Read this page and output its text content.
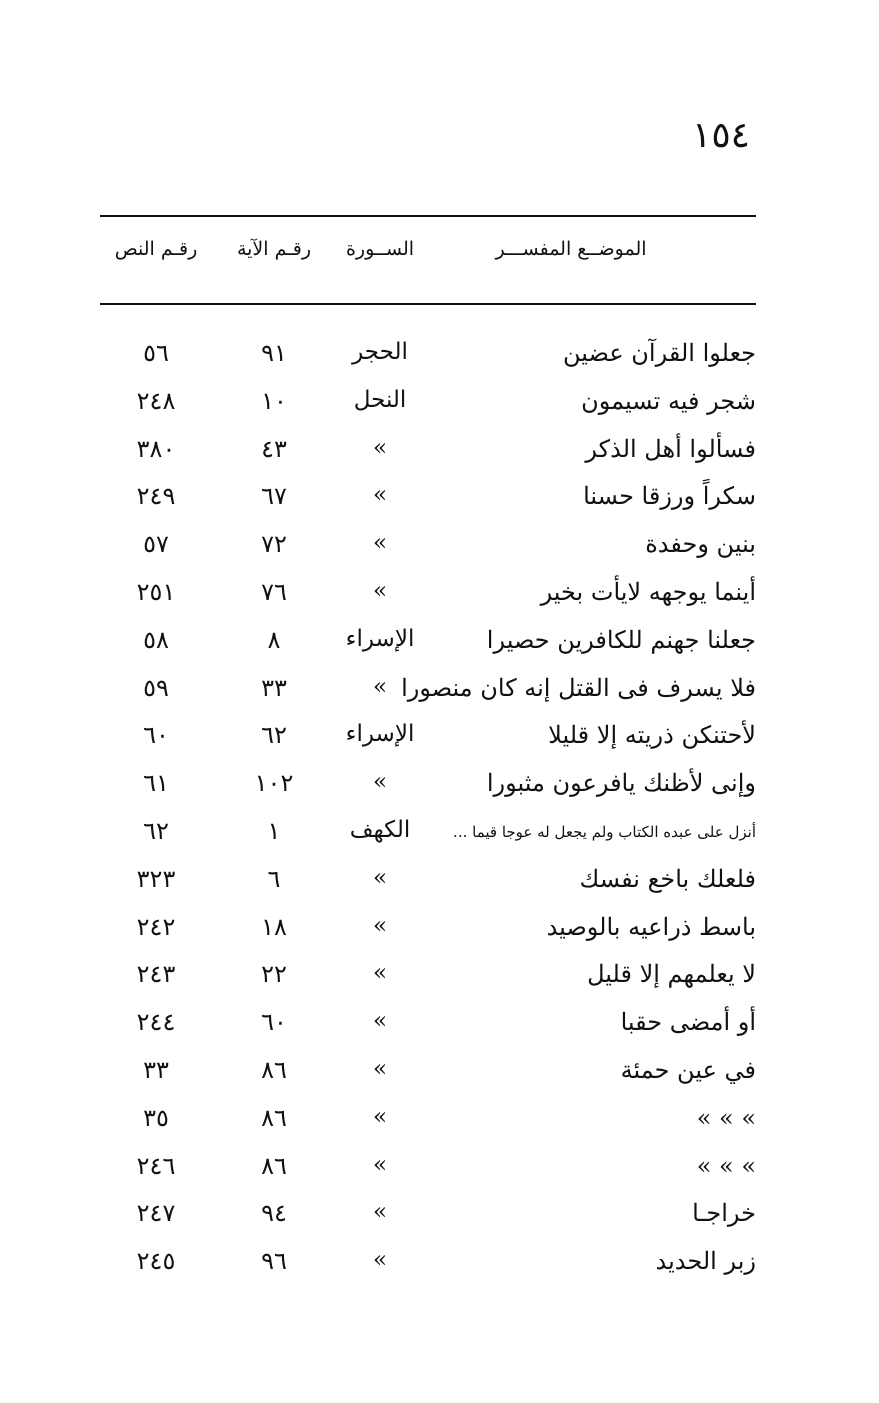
١٥٤
الموضــع المفســـر
الســورة
رقـم الآية
رقـم النص
جعلوا القرآن عضين
الحجر
٩١
٥٦
شجر فيه تسيمون
النحل
١٠
٢٤٨
فسألوا أهل الذكر
»
٤٣
٣٨٠
سكراً ورزقا حسنا
»
٦٧
٢٤٩
بنين وحفدة
»
٧٢
٥٧
أينما يوجهه لايأت بخير
»
٧٦
٢٥١
جعلنا جهنم للكافرين حصيرا
الإسراء
٨
٥٨
فلا يسرف فى القتل إنه كان منصورا
»
٣٣
٥٩
لأحتنكن ذريته إلا قليلا
الإسراء
٦٢
٦٠
وإنى لأظنك يافرعون مثبورا
»
١٠٢
٦١
أنزل على عبده الكتاب ولم يجعل له عوجا قيما ...
الكهف
١
٦٢
فلعلك باخع نفسك
»
٦
٣٢٣
باسط ذراعيه بالوصيد
»
١٨
٢٤٢
لا يعلمهم إلا قليل
»
٢٢
٢٤٣
أو أمضى حقبا
»
٦٠
٢٤٤
في عين حمئة
»
٨٦
٣٣
» » »
»
٨٦
٣٥
» » »
»
٨٦
٢٤٦
خراجـا
»
٩٤
٢٤٧
زبر الحديد
»
٩٦
٢٤٥
